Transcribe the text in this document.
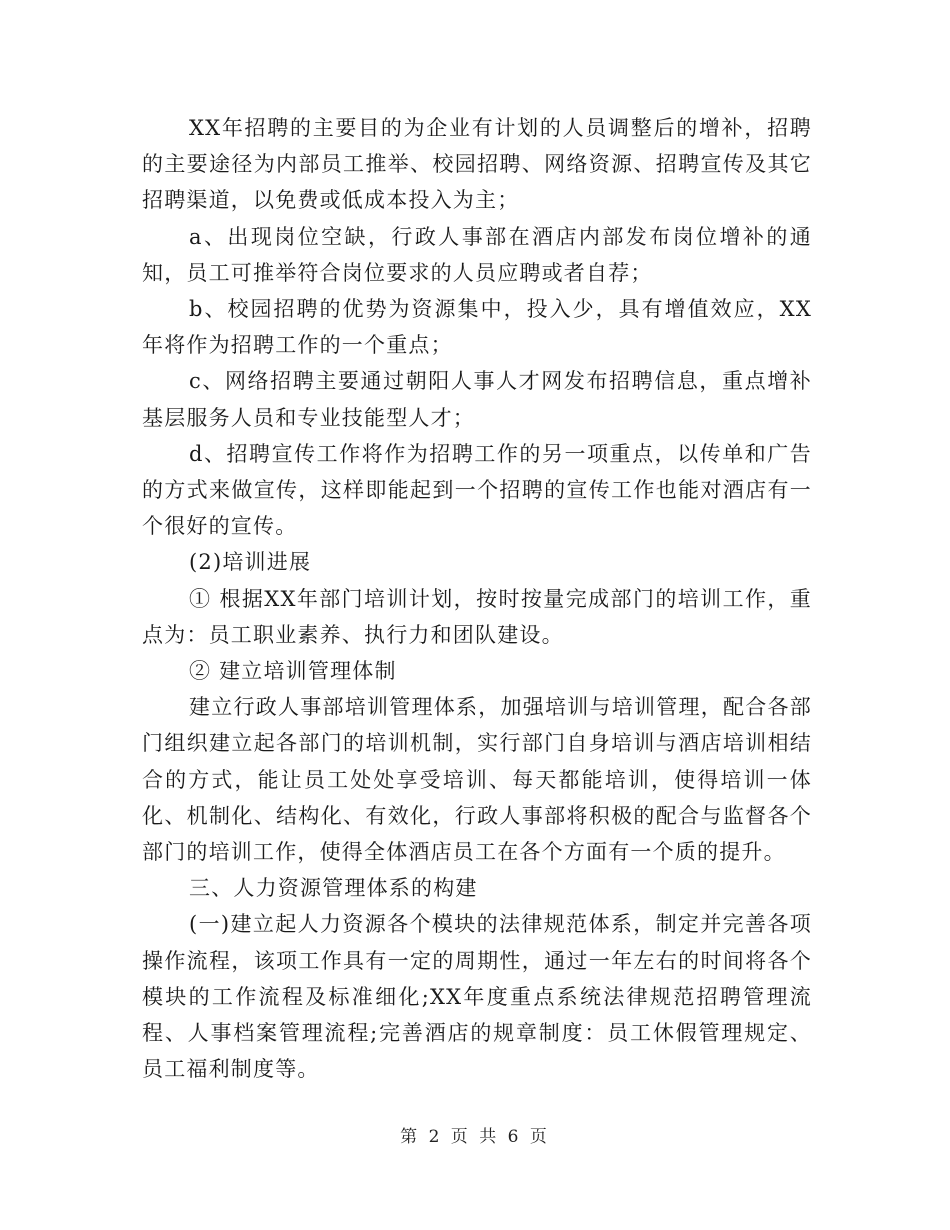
XX年招聘的主要目的为企业有计划的人员调整后的增补，招聘的主要途径为内部员工推举、校园招聘、网络资源、招聘宣传及其它招聘渠道，以免费或低成本投入为主；

a、出现岗位空缺，行政人事部在酒店内部发布岗位增补的通知，员工可推举符合岗位要求的人员应聘或者自荐；

b、校园招聘的优势为资源集中，投入少，具有增值效应，XX年将作为招聘工作的一个重点；

c、网络招聘主要通过朝阳人事人才网发布招聘信息，重点增补基层服务人员和专业技能型人才；

d、招聘宣传工作将作为招聘工作的另一项重点，以传单和广告的方式来做宣传，这样即能起到一个招聘的宣传工作也能对酒店有一个很好的宣传。

(2)培训进展

① 根据XX年部门培训计划，按时按量完成部门的培训工作，重点为：员工职业素养、执行力和团队建设。

② 建立培训管理体制

建立行政人事部培训管理体系，加强培训与培训管理，配合各部门组织建立起各部门的培训机制，实行部门自身培训与酒店培训相结合的方式，能让员工处处享受培训、每天都能培训，使得培训一体化、机制化、结构化、有效化，行政人事部将积极的配合与监督各个部门的培训工作，使得全体酒店员工在各个方面有一个质的提升。

三、人力资源管理体系的构建

(一)建立起人力资源各个模块的法律规范体系，制定并完善各项操作流程，该项工作具有一定的周期性，通过一年左右的时间将各个模块的工作流程及标准细化;XX年度重点系统法律规范招聘管理流程、人事档案管理流程;完善酒店的规章制度：员工休假管理规定、员工福利制度等。

第 2 页 共 6 页
